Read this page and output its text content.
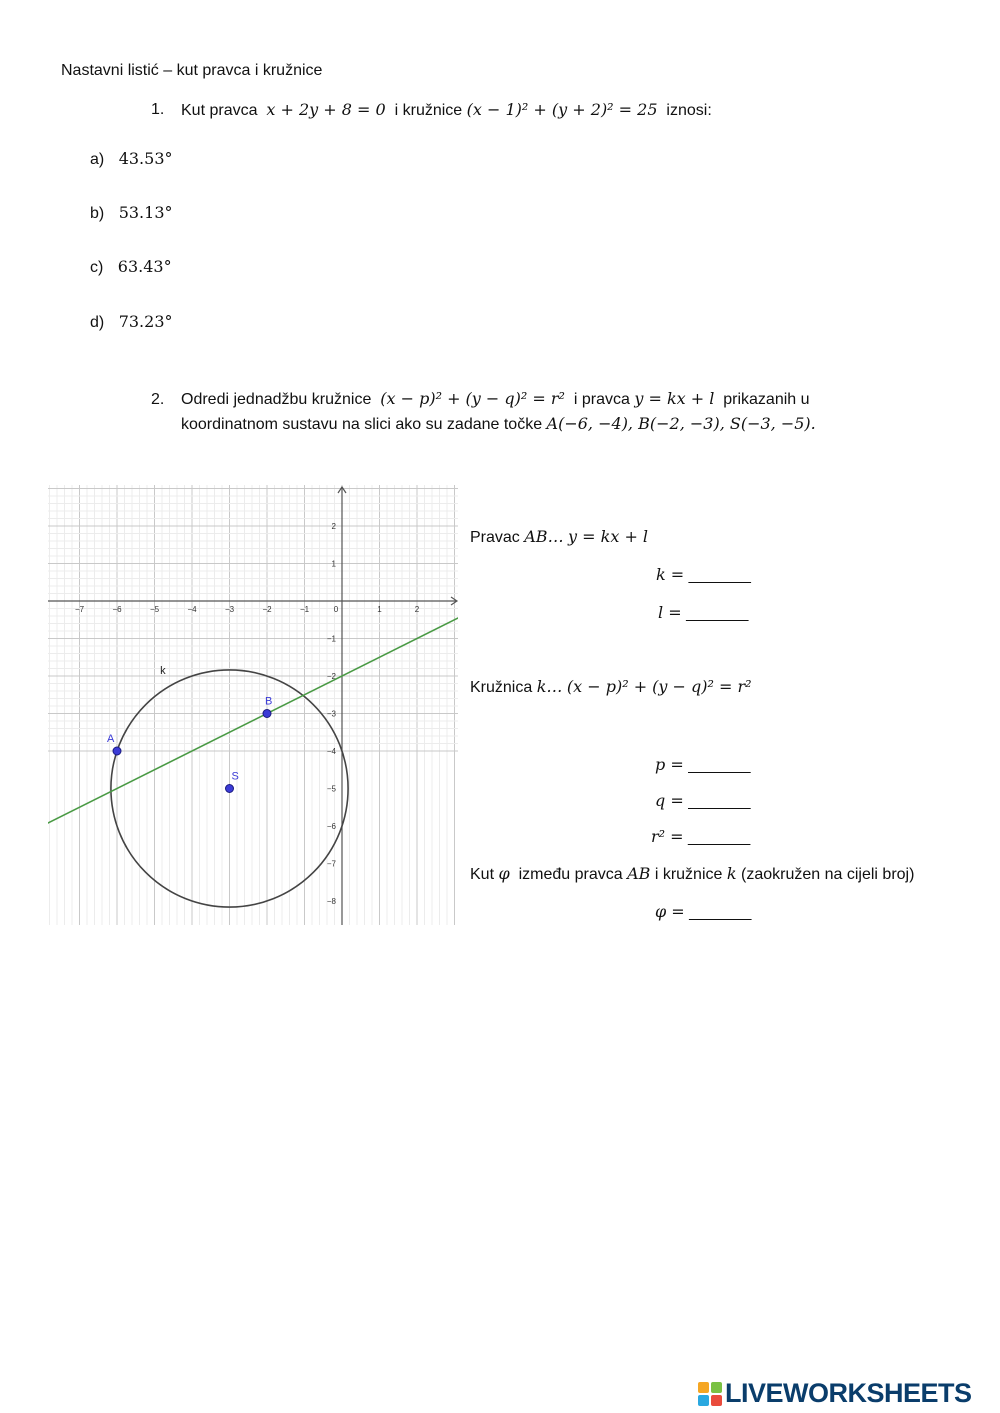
Nastavni listić – kut pravca i kružnice
1. Kut pravca x + 2y + 8 = 0 i kružnice (x − 1)² + (y + 2)² = 25 iznosi:
a) 43.53°
b) 53.13°
c) 63.43°
d) 73.23°
2. Odredi jednadžbu kružnice (x − p)² + (y − q)² = r² i pravca y = kx + l prikazanih u
koordinatnom sustavu na slici ako su zadane točke A(−6, −4), B(−2, −3), S(−3, −5).
−7	−6	−5	−4	−3	−2	−1	0	1	2
2
1
−1
−2
−3
−4
−5
−6
−7
−8
k
A
B
S
Pravac AB… y = kx + l
k = _______
l = _______
Kružnica k… (x − p)² + (y − q)² = r²
p = _______
q = _______
r² = _______
Kut φ između pravca AB i kružnice k (zaokružen na cijeli broj)
φ = _______
LIVEWORKSHEETS
